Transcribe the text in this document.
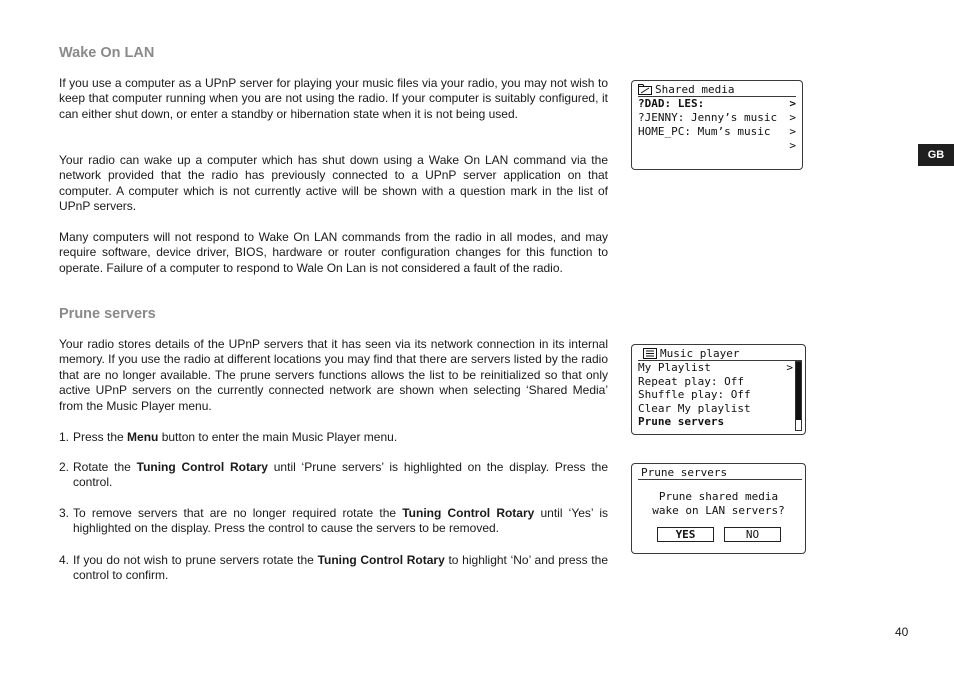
Wake On LAN

If you use a computer as a UPnP server for playing your music files via your radio, you may not wish to keep that computer running when you are not using the radio. If your computer is suitably configured, it can either shut down, or enter a standby or hibernation state when it is not being used.

Your radio can wake up a computer which has shut down using a Wake On LAN command via the network provided that the radio has previously connected to a UPnP server application on that computer. A computer which is not currently active will be shown with a question mark in the list of UPnP servers.

Many computers will not respond to Wake On LAN commands from the radio in all modes, and may require software, device driver, BIOS, hardware or router configuration changes for this function to operate. Failure of a computer to respond to Wale On Lan is not considered a fault of the radio.

Prune servers

Your radio stores details of the UPnP servers that it has seen via its network connection in its internal memory. If you use the radio at different locations you may find that there are servers listed by the radio that are no longer available. The prune servers functions allows the list to be reinitialized so that only active UPnP servers on the currently connected network are shown when selecting ‘Shared Media’ from the Music Player menu.

1. Press the Menu button to enter the main Music Player menu.

2. Rotate the Tuning Control Rotary until ‘Prune servers’ is highlighted on the display. Press the control.

3. To remove servers that are no longer required rotate the Tuning Control Rotary until ‘Yes’ is highlighted on the display. Press the control to cause the servers to be removed.

4. If you do not wish to prune servers rotate the Tuning Control Rotary to highlight ‘No’ and press the control to confirm.

Shared media
?DAD: LES:	>
?JENNY: Jenny’s music >
HOME_PC: Mum’s music >
>
Music player
My Playlist	>
Repeat play: Off
Shuffle play: Off
Clear My playlist
Prune servers
Prune servers
Prune shared media
wake on LAN servers?
YES	NO
GB
40
